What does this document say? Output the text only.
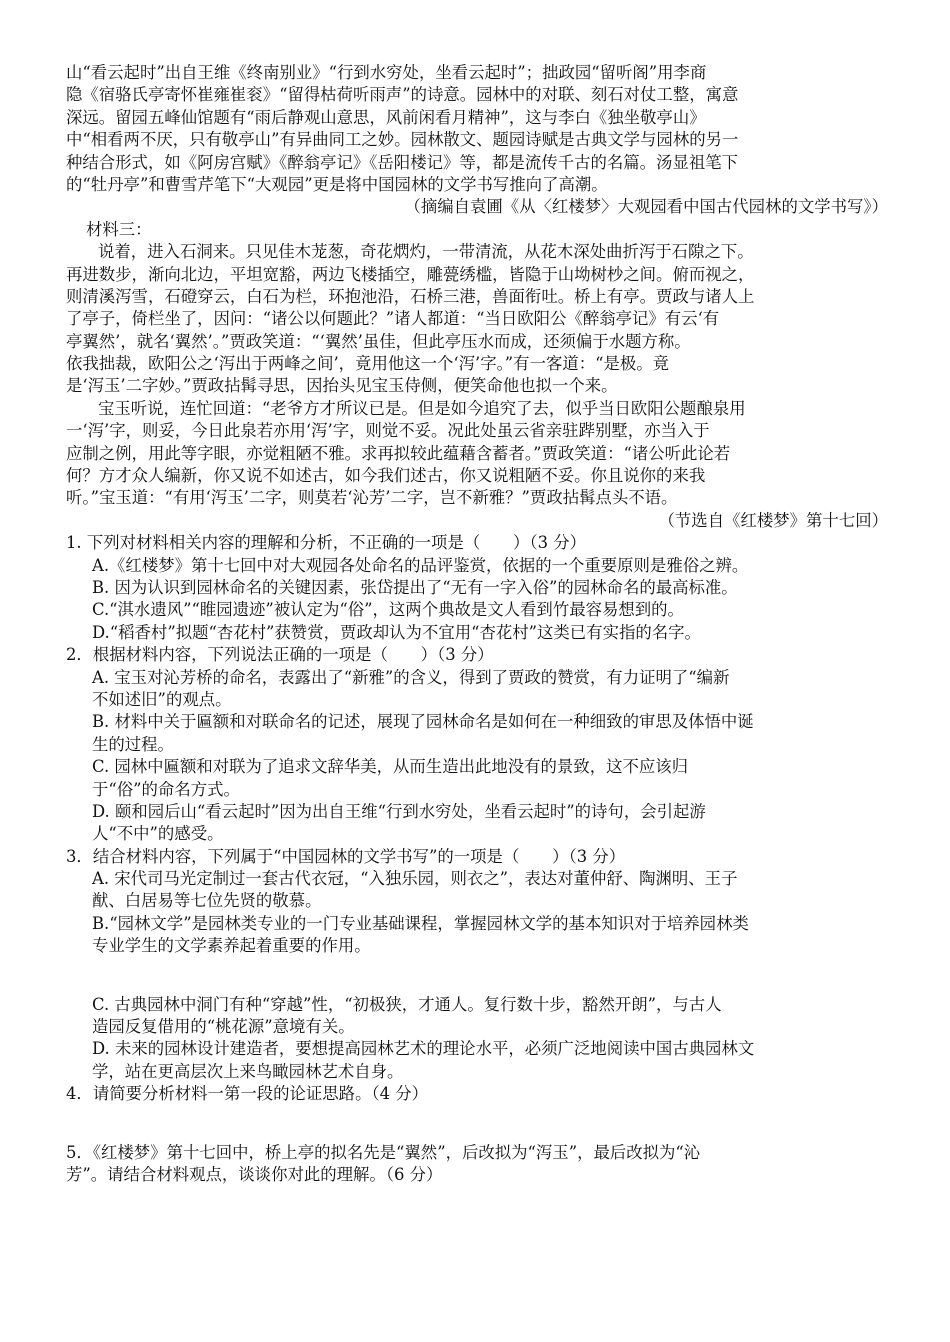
山“看云起时”出自王维《终南别业》“行到水穷处，坐看云起时”；拙政园“留听阁”用李商
隐《宿骆氏亭寄怀崔雍崔衮》“留得枯荷听雨声”的诗意。园林中的对联、刻石对仗工整，寓意
深远。留园五峰仙馆题有“雨后静观山意思，风前闲看月精神”，这与李白《独坐敬亭山》
中“相看两不厌，只有敬亭山”有异曲同工之妙。园林散文、题园诗赋是古典文学与园林的另一
种结合形式，如《阿房宫赋》《醉翁亭记》《岳阳楼记》等，都是流传千古的名篇。汤显祖笔下
的“牡丹亭”和曹雪芹笔下“大观园”更是将中国园林的文学书写推向了高潮。
（摘编自袁圃《从〈红楼梦〉大观园看中国古代园林的文学书写》）
材料三：
说着，进入石洞来。只见佳木茏葱，奇花熌灼，一带清流，从花木深处曲折泻于石隙之下。
再进数步，渐向北边，平坦宽豁，两边飞楼插空，雕甍绣槛，皆隐于山坳树杪之间。俯而视之，
则清溪泻雪，石磴穿云，白石为栏，环抱池沿，石桥三港，兽面衔吐。桥上有亭。贾政与诸人上
了亭子，倚栏坐了，因问：“诸公以何题此？”诸人都道：“当日欧阳公《醉翁亭记》有云‘有
亭翼然’，就名‘翼然’。”贾政笑道：“‘翼然’虽佳，但此亭压水而成，还须偏于水题方称。
依我拙裁，欧阳公之‘泻出于两峰之间’，竟用他这一个‘泻’字。”有一客道：“是极。竟
是‘泻玉’二字妙。”贾政拈髯寻思，因抬头见宝玉侍侧，便笑命他也拟一个来。
宝玉听说，连忙回道：“老爷方才所议已是。但是如今追究了去，似乎当日欧阳公题酿泉用
一‘泻’字，则妥，今日此泉若亦用‘泻’字，则觉不妥。况此处虽云省亲驻跸别墅，亦当入于
应制之例，用此等字眼，亦觉粗陋不雅。求再拟较此蕴藉含蓄者。”贾政笑道：“诸公听此论若
何？方才众人编新，你又说不如述古，如今我们述古，你又说粗陋不妥。你且说你的来我
听。”宝玉道：“有用‘泻玉’二字，则莫若‘沁芳’二字，岂不新雅？”贾政拈髯点头不语。
（节选自《红楼梦》第十七回）
1. 下列对材料相关内容的理解和分析，不正确的一项是（　　）（3 分）
A.《红楼梦》第十七回中对大观园各处命名的品评鉴赏，依据的一个重要原则是雅俗之辨。
B. 因为认识到园林命名的关键因素，张岱提出了“无有一字入俗”的园林命名的最高标准。
C.“淇水遗风”“睢园遗迹”被认定为“俗”，这两个典故是文人看到竹最容易想到的。
D.“稻香村”拟题“杏花村”获赞赏，贾政却认为不宜用“杏花村”这类已有实指的名字。
2．根据材料内容，下列说法正确的一项是（　　）（3 分）
A. 宝玉对沁芳桥的命名，表露出了“新雅”的含义，得到了贾政的赞赏，有力证明了“编新
不如述旧”的观点。
B. 材料中关于匾额和对联命名的记述，展现了园林命名是如何在一种细致的审思及体悟中诞
生的过程。
C. 园林中匾额和对联为了追求文辞华美，从而生造出此地没有的景致，这不应该归
于“俗”的命名方式。
D. 颐和园后山“看云起时”因为出自王维“行到水穷处，坐看云起时”的诗句，会引起游
人“不中”的感受。
3．结合材料内容，下列属于“中国园林的文学书写”的一项是（　　）（3 分）
A. 宋代司马光定制过一套古代衣冠，“入独乐园，则衣之”，表达对董仲舒、陶渊明、王子
猷、白居易等七位先贤的敬慕。
B.“园林文学”是园林类专业的一门专业基础课程，掌握园林文学的基本知识对于培养园林类
专业学生的文学素养起着重要的作用。
C. 古典园林中洞门有种“穿越”性，“初极狭，才通人。复行数十步，豁然开朗”，与古人
造园反复借用的“桃花源”意境有关。
D. 未来的园林设计建造者，要想提高园林艺术的理论水平，必须广泛地阅读中国古典园林文
学，站在更高层次上来鸟瞰园林艺术自身。
4．请简要分析材料一第一段的论证思路。（4 分）
5．《红楼梦》第十七回中，桥上亭的拟名先是“翼然”，后改拟为“泻玉”，最后改拟为“沁
芳”。请结合材料观点，谈谈你对此的理解。（6 分）
